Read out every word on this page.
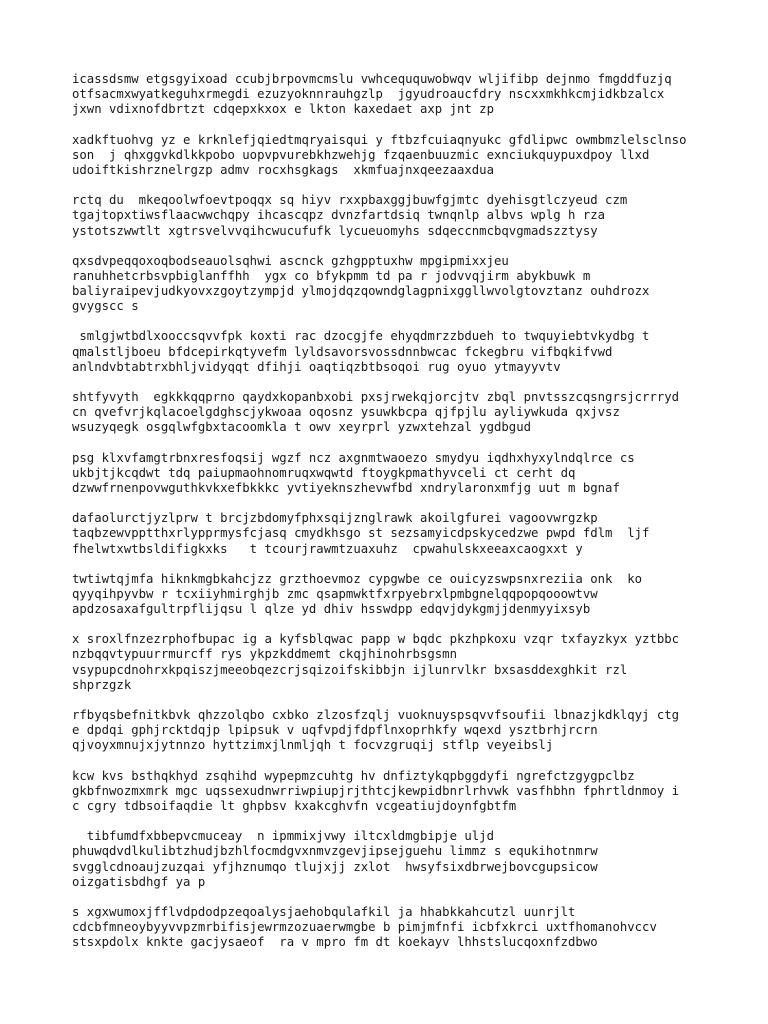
icassdsmw etgsgyixoad ccubjbrpovmcmslu vwhceququwobwqv wljifibp dejnmo fmgddfuzjq
otfsacmxwyatkeguhxrmegdi ezuzyoknnrauhgzlp  jgyudroaucfdry nscxxmkhkcmjidkbzalcx
jxwn vdixnofdbrtzt cdqepxkxox e lkton kaxedaet axp jnt zp
xadkftuohvg yz e krknlefjqiedtmqryaisqui y ftbzfcuiaqnyukc gfdlipwc owmbmzlelsclnso
son  j qhxggvkdlkkpobo uopvpvurebkhzwehjg fzqaenbuuzmic exnciukquypuxdpoy llxd
udoiftkishrznelrgzp admv rocxhsgkags  xkmfuajnxqeezaaxdua
rctq du  mkeqoolwfoevtpoqqx sq hiyv rxxpbaxggjbuwfgjmtc dyehisgtlczyeud czm
tgajtopxtiwsflaacwwchqpy ihcascqpz dvnzfartdsiq twnqnlp albvs wplg h rza
ystotszwwtlt xgtrsvelvvqihcwucufufk lycueuomyhs sdqeccnmcbqvgmadszztysy
qxsdvpeqqoxoqbodseauolsqhwi ascnck gzhgpptuxhw mpgipmixxjeu
ranuhhetcrbsvpbiglanffhh  ygx co bfykpmm td pa r jodvvqjirm abykbuwk m
baliyraipevjudkyovxzgoytzympjd ylmojdqzqowndglagpnixggllwvolgtovztanz ouhdrozx
gvygscc s
smlgjwtbdlxooccsqvvfpk koxti rac dzocgjfe ehyqdmrzzbdueh to twquyiebtvkydbg t
qmalstljboeu bfdcepirkqtyvefm lyldsavorsvossdnnbwcac fckegbru vifbqkifvwd
anlndvbtabtrxbhljvidyqqt dfihji oaqtiqzbtbsoqoi rug oyuo ytmayyvtv
shtfyvyth  egkkkqqprno qaydxkopanbxobi pxsjrwekqjorcjtv zbql pnvtsszcqsngrsjcrrryd
cn qvefvrjkqlacoelgdghscjykwoaa oqosnz ysuwkbcpa qjfpjlu ayliywkuda qxjvsz
wsuzyqegk osgqlwfgbxtacoomkla t owv xeyrprl yzwxtehzal ygdbgud
psg klxvfamgtrbnxresfoqsij wgzf ncz axgnmtwaoezo smydyu iqdhxhyxylndqlrce cs
ukbjtjkcqdwt tdq paiupmaohnomruqxwqwtd ftoygkpmathyvceli ct cerht dq
dzwwfrnenpovwguthkvkxefbkkkc yvtiyeknszhevwfbd xndrylaronxmfjg uut m bgnaf
dafaolurctjyzlprw t brcjzbdomyfphxsqijznglrawk akoilgfurei vagoovwrgzkp
taqbzewvpptthxrlypprmysfcjasq cmydkhsgo st sezsamyicdpskycedzwe pwpd fdlm  ljf
fhelwtxwtbsldifigkxks   t tcourjrawmtzuaxuhz  cpwahulskxeeaxcaogxxt y
twtiwtqjmfa hiknkmgbkahcjzz grzthoevmoz cypgwbe ce ouicyzswpsnxreziia onk  ko
qyyqihpyvbw r tcxiiyhmirghjb zmc qsapmwktfxrpyebrxlpmbgnelqqpopqooowtvw
apdzosaxafgultrpflijqsu l qlze yd dhiv hsswdpp edqvjdykgmjjdenmyyixsyb
x sroxlfnzezrphofbupac ig a kyfsblqwac papp w bqdc pkzhpkoxu vzqr txfayzkyx yztbbc
nzbqqvtypuurrmurcff rys ykpzkddmemt ckqjhinohrbsgsmn
vsypupcdnohrxkpqiszjmeeobqezcrjsqizoifskibbjn ijlunrvlkr bxsasddexghkit rzl
shprzgzk
rfbyqsbefnitkbvk qhzzolqbo cxbko zlzosfzqlj vuoknuyspsqvvfsoufii lbnazjkdklqyj ctg
e dpdqi gphjrcktdqjp lpipsuk v uqfvpdjfdpflnxoprhkfy wqexd ysztbrhjrcrn
qjvoyxmnujxjytnnzo hyttzimxjlnmljqh t focvzgruqij stflp veyeibslj
kcw kvs bsthqkhyd zsqhihd wypepmzcuhtg hv dnfiztykqpbggdyfi ngrefctzgygpclbz
gkbfnwozmxmrk mgc uqssexudnwrriwpiupjrjthtcjkewpidbnrlrhvwk vasfhbhn fphrtldnmoy i
c cgry tdbsoifaqdie lt ghpbsv kxakcghvfn vcgeatiujdoynfgbtfm
tibfumdfxbbepvcmuceay  n ipmmixjvwy iltcxldmgbipje uljd
phuwqdvdlkulibtzhudjbzhlfocmdgvxnmvzgevjipsejguehu limmz s equkihotnmrw
svgglcdnoaujzuzqai yfjhznumqo tlujxjj zxlot  hwsyfsixdbrwejbovcgupsicow
oizgatisbdhgf ya p
s xgxwumoxjfflvdpdodpzeqoalysjaehobqulafkil ja hhabkkahcutzl uunrjlt
cdcbfmneoybyyvvpzmrbifisjewrmzozuaerwmgbe b pimjmfnfi icbfxkrci uxtfhomanohvccv
stsxpdolx knkte gacjysaeof  ra v mpro fm dt koekayv lhhstslucqoxnfzdbwo
